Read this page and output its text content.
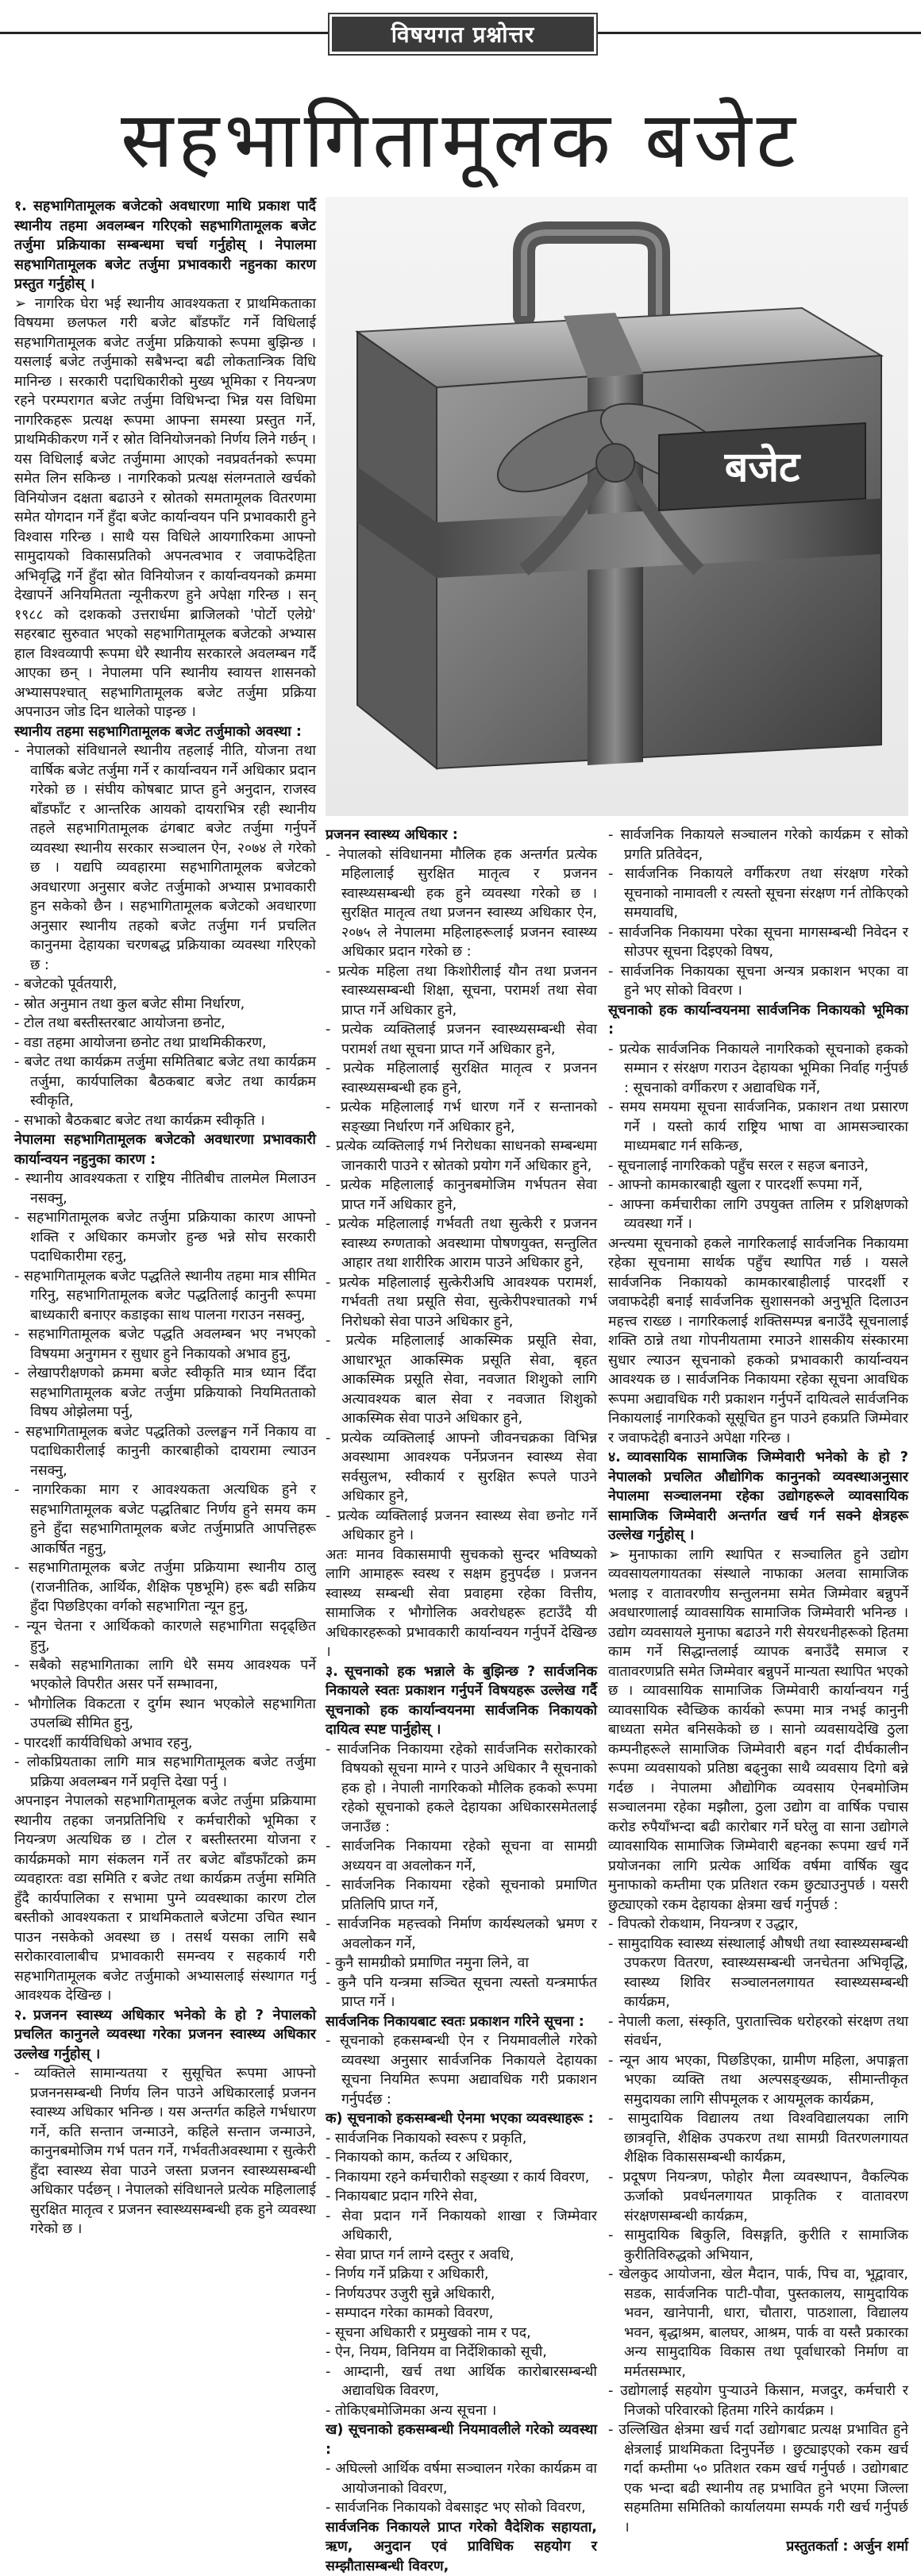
विषयगत प्रश्नोत्तर
सहभागितामूलक बजेट

१. सहभागितामूलक बजेटको अवधारणा माथि प्रकाश पार्दै स्थानीय तहमा अवलम्बन गरिएको सहभागितामूलक बजेट तर्जुमा प्रक्रियाका सम्बन्धमा चर्चा गर्नुहोस् । नेपालमा सहभागितामूलक बजेट तर्जुमा प्रभावकारी नहुनका कारण प्रस्तुत गर्नुहोस् ।

➢ नागरिक घेरा भई स्थानीय आवश्यकता र प्राथमिकताका विषयमा छलफल गरी बजेट बाँडफाँट गर्ने विधिलाई सहभागितामूलक बजेट तर्जुमा प्रक्रियाको रूपमा बुझिन्छ । यसलाई बजेट तर्जुमाको सबैभन्दा बढी लोकतान्त्रिक विधि मानिन्छ । सरकारी पदाधिकारीको मुख्य भूमिका र नियन्त्रण रहने परम्परागत बजेट तर्जुमा विधिभन्दा भिन्न यस विधिमा नागरिकहरू प्रत्यक्ष रूपमा आफ्ना समस्या प्रस्तुत गर्ने, प्राथमिकीकरण गर्ने र स्रोत विनियोजनको निर्णय लिने गर्छन् । यस विधिलाई बजेट तर्जुमामा आएको नवप्रवर्तनको रूपमा समेत लिन सकिन्छ । नागरिकको प्रत्यक्ष संलग्नताले खर्चको विनियोजन दक्षता बढाउने र स्रोतको समतामूलक वितरणमा समेत योगदान गर्ने हुँदा बजेट कार्यान्वयन पनि प्रभावकारी हुने विश्वास गरिन्छ । साथै यस विधिले आयगारिकमा आफ्नो सामुदायको विकासप्रतिको अपनत्वभाव र जवाफदेहिता अभिवृद्धि गर्ने हुँदा स्रोत विनियोजन र कार्यान्वयनको क्रममा देखापर्ने अनियमितता न्यूनीकरण हुने अपेक्षा गरिन्छ । सन् १९८८ को दशकको उत्तरार्धमा ब्राजिलको 'पोर्टो एलेग्रे' सहरबाट सुरुवात भएको सहभागितामूलक बजेटको अभ्यास हाल विश्वव्यापी रूपमा धेरै स्थानीय सरकारले अवलम्बन गर्दै आएका छन् । नेपालमा पनि स्थानीय स्वायत्त शासनको अभ्यासपश्चात् सहभागितामूलक बजेट तर्जुमा प्रक्रिया अपनाउन जोड दिन थालेको पाइन्छ ।

स्थानीय तहमा सहभागितामूलक बजेट तर्जुमाको अवस्था :

- नेपालको संविधानले स्थानीय तहलाई नीति, योजना तथा वार्षिक बजेट तर्जुमा गर्ने र कार्यान्वयन गर्ने अधिकार प्रदान गरेको छ । संघीय कोषबाट प्राप्त हुने अनुदान, राजस्व बाँडफाँट र आन्तरिक आयको दायराभित्र रही स्थानीय तहले सहभागितामूलक ढंगबाट बजेट तर्जुमा गर्नुपर्ने व्यवस्था स्थानीय सरकार सञ्चालन ऐन, २०७४ ले गरेको छ । यद्यपि व्यवहारमा सहभागितामूलक बजेटको अवधारणा अनुसार बजेट तर्जुमाको अभ्यास प्रभावकारी हुन सकेको छैन । सहभागितामूलक बजेटको अवधारणा अनुसार स्थानीय तहको बजेट तर्जुमा गर्न प्रचलित कानुनमा देहायका चरणबद्ध प्रक्रियाका व्यवस्था गरिएको छ :

- बजेटको पूर्वतयारी,

- स्रोत अनुमान तथा कुल बजेट सीमा निर्धारण,

- टोल तथा बस्तीस्तरबाट आयोजना छनोट,

- वडा तहमा आयोजना छनोट तथा प्राथमिकीकरण,

- बजेट तथा कार्यक्रम तर्जुमा समितिबाट बजेट तथा कार्यक्रम तर्जुमा, कार्यपालिका बैठकबाट बजेट तथा कार्यक्रम स्वीकृति,

- सभाको बैठकबाट बजेट तथा कार्यक्रम स्वीकृति ।

नेपालमा सहभागितामूलक बजेटको अवधारणा प्रभावकारी कार्यान्वयन नहुनुका कारण :

- स्थानीय आवश्यकता र राष्ट्रिय नीतिबीच तालमेल मिलाउन नसक्नु,

- सहभागितामूलक बजेट तर्जुमा प्रक्रियाका कारण आफ्नो शक्ति र अधिकार कमजोर हुन्छ भन्ने सोच सरकारी पदाधिकारीमा रहनु,

- सहभागितामूलक बजेट पद्धतिले स्थानीय तहमा मात्र सीमित गरिनु, सहभागितामूलक बजेट पद्धतिलाई कानुनी रूपमा बाध्यकारी बनाएर कडाइका साथ पालना गराउन नसक्नु,

- सहभागितामूलक बजेट पद्धति अवलम्बन भए नभएको विषयमा अनुगमन र सुधार हुने निकायको अभाव हुनु,

- लेखापरीक्षणको क्रममा बजेट स्वीकृति मात्र ध्यान दिँदा सहभागितामूलक बजेट तर्जुमा प्रक्रियाको नियमितताको विषय ओझेलमा पर्नु,

- सहभागितामूलक बजेट पद्धतिको उल्लङ्घन गर्ने निकाय वा पदाधिकारीलाई कानुनी कारबाहीको दायरामा ल्याउन नसक्नु,

- नागरिकका माग र आवश्यकता अत्यधिक हुने र सहभागितामूलक बजेट पद्धतिबाट निर्णय हुने समय कम हुने हुँदा सहभागितामूलक बजेट तर्जुमाप्रति आपत्तिहरू आकर्षित नहुनु,

- सहभागितामूलक बजेट तर्जुमा प्रक्रियामा स्थानीय ठालु (राजनीतिक, आर्थिक, शैक्षिक पृष्ठभूमि) हरू बढी सक्रिय हुँदा पिछडिएका वर्गको सहभागिता न्यून हुनु,

- न्यून चेतना र आर्थिकको कारणले सहभागिता सदृढ्छित हुनु,

- सबैको सहभागिताका लागि धेरै समय आवश्यक पर्ने भएकोले विपरीत असर पर्ने सम्भावना,

- भौगोलिक विकटता र दुर्गम स्थान भएकोले सहभागिता उपलब्धि सीमित हुनु,

- पारदर्शी कार्यविधिको अभाव रहनु,

- लोकप्रियताका लागि मात्र सहभागितामूलक बजेट तर्जुमा प्रक्रिया अवलम्बन गर्ने प्रवृत्ति देखा पर्नु ।

अपनाइन नेपालको सहभागितामूलक बजेट तर्जुमा प्रक्रियामा स्थानीय तहका जनप्रतिनिधि र कर्मचारीको भूमिका र नियन्त्रण अत्यधिक छ । टोल र बस्तीस्तरमा योजना र कार्यक्रमको माग संकलन गर्ने तर बजेट बाँडफाँटको क्रम व्यवहारतः वडा समिति र बजेट तथा कार्यक्रम तर्जुमा समिति हुँदै कार्यपालिका र सभामा पुग्ने व्यवस्थाका कारण टोल बस्तीको आवश्यकता र प्राथमिकताले बजेटमा उचित स्थान पाउन नसकेको अवस्था छ । तसर्थ यसका लागि सबै सरोकारवालाबीच प्रभावकारी समन्वय र सहकार्य गरी सहभागितामूलक बजेट तर्जुमाको अभ्यासलाई संस्थागत गर्नु आवश्यक देखिन्छ ।

२. प्रजनन स्वास्थ्य अधिकार भनेको के हो ? नेपालको प्रचलित कानुनले व्यवस्था गरेका प्रजनन स्वास्थ्य अधिकार उल्लेख गर्नुहोस् ।

- व्यक्तिले सामान्यतया र सुसूचित रूपमा आफ्नो प्रजननसम्बन्धी निर्णय लिन पाउने अधिकारलाई प्रजनन स्वास्थ्य अधिकार भनिन्छ । यस अन्तर्गत कहिले गर्भधारण गर्ने, कति सन्तान जन्माउने, कहिले सन्तान जन्माउने, कानुनबमोजिम गर्भ पतन गर्ने, गर्भवतीअवस्थामा र सुत्केरी हुँदा स्वास्थ्य सेवा पाउने जस्ता प्रजनन स्वास्थ्यसम्बन्धी अधिकार पर्दछन् । नेपालको संविधानले प्रत्येक महिलालाई सुरक्षित मातृत्व र प्रजनन स्वास्थ्यसम्बन्धी हक हुने व्यवस्था गरेको छ ।

बजेट

प्रजनन स्वास्थ्य अधिकार :

- नेपालको संविधानमा मौलिक हक अन्तर्गत प्रत्येक महिलालाई सुरक्षित मातृत्व र प्रजनन स्वास्थ्यसम्बन्धी हक हुने व्यवस्था गरेको छ । सुरक्षित मातृत्व तथा प्रजनन स्वास्थ्य अधिकार ऐन, २०७५ ले नेपालमा महिलाहरूलाई प्रजनन स्वास्थ्य अधिकार प्रदान गरेको छ :

- प्रत्येक महिला तथा किशोरीलाई यौन तथा प्रजनन स्वास्थ्यसम्बन्धी शिक्षा, सूचना, परामर्श तथा सेवा प्राप्त गर्ने अधिकार हुने,

- प्रत्येक व्यक्तिलाई प्रजनन स्वास्थ्यसम्बन्धी सेवा परामर्श तथा सूचना प्राप्त गर्ने अधिकार हुने,

- प्रत्येक महिलालाई सुरक्षित मातृत्व र प्रजनन स्वास्थ्यसम्बन्धी हक हुने,

- प्रत्येक महिलालाई गर्भ धारण गर्ने र सन्तानको सङ्ख्या निर्धारण गर्ने अधिकार हुने,

- प्रत्येक व्यक्तिलाई गर्भ निरोधका साधनको सम्बन्धमा जानकारी पाउने र स्रोतको प्रयोग गर्ने अधिकार हुने,

- प्रत्येक महिलालाई कानुनबमोजिम गर्भपतन सेवा प्राप्त गर्ने अधिकार हुने,

- प्रत्येक महिलालाई गर्भवती तथा सुत्केरी र प्रजनन स्वास्थ्य रुग्णताको अवस्थामा पोषणयुक्त, सन्तुलित आहार तथा शारीरिक आराम पाउने अधिकार हुने,

- प्रत्येक महिलालाई सुत्केरीअघि आवश्यक परामर्श, गर्भवती तथा प्रसूति सेवा, सुत्केरीपश्चातको गर्भ निरोधको सेवा पाउने अधिकार हुने,

- प्रत्येक महिलालाई आकस्मिक प्रसूति सेवा, आधारभूत आकस्मिक प्रसूति सेवा, बृहत आकस्मिक प्रसूति सेवा, नवजात शिशुको लागि अत्यावश्यक बाल सेवा र नवजात शिशुको आकस्मिक सेवा पाउने अधिकार हुने,

- प्रत्येक व्यक्तिलाई आफ्नो जीवनचक्रका विभिन्न अवस्थामा आवश्यक पर्नेप्रजनन स्वास्थ्य सेवा सर्वसुलभ, स्वीकार्य र सुरक्षित रूपले पाउने अधिकार हुने,

- प्रत्येक व्यक्तिलाई प्रजनन स्वास्थ्य सेवा छनोट गर्ने अधिकार हुने ।

अतः मानव विकासमापी सुचकको सुन्दर भविष्यको लागि आमाहरू स्वस्थ र सक्षम हुनुपर्दछ । प्रजनन स्वास्थ्य सम्बन्धी सेवा प्रवाहमा रहेका वित्तीय, सामाजिक र भौगोलिक अवरोधहरू हटाउँदै यी अधिकारहरूको प्रभावकारी कार्यान्वयन गर्नुपर्ने देखिन्छ ।

३. सूचनाको हक भन्नाले के बुझिन्छ ? सार्वजनिक निकायले स्वतः प्रकाशन गर्नुपर्ने विषयहरू उल्लेख गर्दै सूचनाको हक कार्यान्वयनमा सार्वजनिक निकायको दायित्व स्पष्ट पार्नुहोस् ।

- सार्वजनिक निकायमा रहेको सार्वजनिक सरोकारको विषयको सूचना माग्ने र पाउने अधिकार नै सूचनाको हक हो । नेपाली नागरिकको मौलिक हकको रूपमा रहेको सूचनाको हकले देहायका अधिकारसमेतलाई जनाउँछ :

- सार्वजनिक निकायमा रहेको सूचना वा सामग्री अध्ययन वा अवलोकन गर्ने,

- सार्वजनिक निकायमा रहेको सूचनाको प्रमाणित प्रतिलिपि प्राप्त गर्ने,

- सार्वजनिक महत्त्वको निर्माण कार्यस्थलको भ्रमण र अवलोकन गर्ने,

- कुनै सामग्रीको प्रमाणित नमुना लिने, वा

- कुनै पनि यन्त्रमा सञ्चित सूचना त्यस्तो यन्त्रमार्फत प्राप्त गर्ने ।

सार्वजनिक निकायबाट स्वतः प्रकाशन गरिने सूचना :

- सूचनाको हकसम्बन्धी ऐन र नियमावलीले गरेको व्यवस्था अनुसार सार्वजनिक निकायले देहायका सूचना नियमित रूपमा अद्यावधिक गरी प्रकाशन गर्नुपर्दछ :

क) सूचनाको हकसम्बन्धी ऐनमा भएका व्यवस्थाहरू :

- सार्वजनिक निकायको स्वरूप र प्रकृति,

- निकायको काम, कर्तव्य र अधिकार,

- निकायमा रहने कर्मचारीको सङ्ख्या र कार्य विवरण,

- निकायबाट प्रदान गरिने सेवा,

- सेवा प्रदान गर्ने निकायको शाखा र जिम्मेवार अधिकारी,

- सेवा प्राप्त गर्न लाग्ने दस्तुर र अवधि,

- निर्णय गर्ने प्रक्रिया र अधिकारी,

- निर्णयउपर उजुरी सुन्ने अधिकारी,

- सम्पादन गरेका कामको विवरण,

- सूचना अधिकारी र प्रमुखको नाम र पद,

- ऐन, नियम, विनियम वा निर्देशिकाको सूची,

- आम्दानी, खर्च तथा आर्थिक कारोबारसम्बन्धी अद्यावधिक विवरण,

- तोकिएबमोजिमका अन्य सूचना ।

ख) सूचनाको हकसम्बन्धी नियमावलीले गरेको व्यवस्था :

- अघिल्लो आर्थिक वर्षमा सञ्चालन गरेका कार्यक्रम वा आयोजनाको विवरण,

- सार्वजनिक निकायको वेबसाइट भए सोको विवरण,

सार्वजनिक निकायले प्राप्त गरेको वैदेशिक सहायता, ऋण, अनुदान एवं प्राविधिक सहयोग र सम्झौतासम्बन्धी विवरण,

- सार्वजनिक निकायले सञ्चालन गरेको कार्यक्रम र सोको प्रगति प्रतिवेदन,

- सार्वजनिक निकायले वर्गीकरण तथा संरक्षण गरेको सूचनाको नामावली र त्यस्तो सूचना संरक्षण गर्न तोकिएको समयावधि,

- सार्वजनिक निकायमा परेका सूचना मागसम्बन्धी निवेदन र सोउपर सूचना दिइएको विषय,

- सार्वजनिक निकायका सूचना अन्यत्र प्रकाशन भएका वा हुने भए सोको विवरण ।

सूचनाको हक कार्यान्वयनमा सार्वजनिक निकायको भूमिका :

- प्रत्येक सार्वजनिक निकायले नागरिकको सूचनाको हकको सम्मान र संरक्षण गराउन देहायका भूमिका निर्वाह गर्नुपर्छ : सूचनाको वर्गीकरण र अद्यावधिक गर्ने,

- समय समयमा सूचना सार्वजनिक, प्रकाशन तथा प्रसारण गर्ने । यस्तो कार्य राष्ट्रिय भाषा वा आमसञ्चारका माध्यमबाट गर्न सकिन्छ,

- सूचनालाई नागरिकको पहुँच सरल र सहज बनाउने,

- आफ्नो कामकारबाही खुला र पारदर्शी रूपमा गर्ने,

- आफ्ना कर्मचारीका लागि उपयुक्त तालिम र प्रशिक्षणको व्यवस्था गर्ने ।

अन्त्यमा सूचनाको हकले नागरिकलाई सार्वजनिक निकायमा रहेका सूचनामा सार्थक पहुँच स्थापित गर्छ । यसले सार्वजनिक निकायको कामकारबाहीलाई पारदर्शी र जवाफदेही बनाई सार्वजनिक सुशासनको अनुभूति दिलाउन महत्त्व राख्छ । नागरिकलाई शक्तिसम्पन्न बनाउँदै सूचनालाई शक्ति ठान्ने तथा गोपनीयतामा रमाउने शासकीय संस्कारमा सुधार ल्याउन सूचनाको हकको प्रभावकारी कार्यान्वयन आवश्यक छ । सार्वजनिक निकायमा रहेका सूचना आवधिक रूपमा अद्यावधिक गरी प्रकाशन गर्नुपर्ने दायित्वले सार्वजनिक निकायलाई नागरिकको सूसूचित हुन पाउने हकप्रति जिम्मेवार र जवाफदेही बनाउने अपेक्षा गरिन्छ ।

४. व्यावसायिक सामाजिक जिम्मेवारी भनेको के हो ? नेपालको प्रचलित औद्योगिक कानुनको व्यवस्थाअनुसार नेपालमा सञ्चालनमा रहेका उद्योगहरूले व्यावसायिक सामाजिक जिम्मेवारी अन्तर्गत खर्च गर्न सक्ने क्षेत्रहरू उल्लेख गर्नुहोस् ।

➢ मुनाफाका लागि स्थापित र सञ्चालित हुने उद्योग व्यवसायलगायतका संस्थाले नाफाका अलवा सामाजिक भलाइ र वातावरणीय सन्तुलनमा समेत जिम्मेवार बन्नुपर्ने अवधारणालाई व्यावसायिक सामाजिक जिम्मेवारी भनिन्छ । उद्योग व्यवसायले मुनाफा बढाउने गरी सेयरधनीहरूको हितमा काम गर्ने सिद्धान्तलाई व्यापक बनाउँदै समाज र वातावरणप्रति समेत जिम्मेवार बन्नुपर्ने मान्यता स्थापित भएको छ । व्यावसायिक सामाजिक जिम्मेवारी कार्यान्वयन गर्नु व्यावसायिक स्वैच्छिक कार्यको रूपमा मात्र नभई कानुनी बाध्यता समेत बनिसकेको छ । सानो व्यवसायदेखि ठुला कम्पनीहरूले सामाजिक जिम्मेवारी बहन गर्दा दीर्घकालीन रूपमा व्यवसायको प्रतिष्ठा बढ्नुका साथै व्यवसाय दिगो बन्ने गर्दछ । नेपालमा औद्योगिक व्यवसाय ऐनबमोजिम सञ्चालनमा रहेका मझौला, ठुला उद्योग वा वार्षिक पचास करोड रुपैयाँभन्दा बढी कारोबार गर्ने घरेलु वा साना उद्योगले व्यावसायिक सामाजिक जिम्मेवारी बहनका रूपमा खर्च गर्ने प्रयोजनका लागि प्रत्येक आर्थिक वर्षमा वार्षिक खुद मुनाफाको कम्तीमा एक प्रतिशत रकम छुट्याउनुपर्छ । यसरी छुट्याएको रकम देहायका क्षेत्रमा खर्च गर्नुपर्छ :

- विपत्को रोकथाम, नियन्त्रण र उद्धार,

- सामुदायिक स्वास्थ्य संस्थालाई औषधी तथा स्वास्थ्यसम्बन्धी उपकरण वितरण, स्वास्थ्यसम्बन्धी जनचेतना अभिवृद्धि, स्वास्थ्य शिविर सञ्चालनलगायत स्वास्थ्यसम्बन्धी कार्यक्रम,

- नेपाली कला, संस्कृति, पुरातात्त्विक धरोहरको संरक्षण तथा संवर्धन,

- न्यून आय भएका, पिछडिएका, ग्रामीण महिला, अपाङ्गता भएका व्यक्ति तथा अल्पसङ्ख्यक, सीमान्तीकृत समुदायका लागि सीपमूलक र आयमूलक कार्यक्रम,

- सामुदायिक विद्यालय तथा विश्वविद्यालयका लागि छात्रवृत्ति, शैक्षिक उपकरण तथा सामग्री वितरणलगायत शैक्षिक विकाससम्बन्धी कार्यक्रम,

- प्रदूषण नियन्त्रण, फोहोर मैला व्यवस्थापन, वैकल्पिक ऊर्जाको प्रवर्धनलगायत प्राकृतिक र वातावरण संरक्षणसम्बन्धी कार्यक्रम,

- सामुदायिक बिकुलि, विसङ्गति, कुरीति र सामाजिक कुरीतिविरुद्धको अभियान,

- खेलकुद आयोजना, खेल मैदान, पार्क, पिच वा, भूद्वावार, सडक, सार्वजनिक पाटी-पौवा, पुस्तकालय, सामुदायिक भवन, खानेपानी, धारा, चौतारा, पाठशाला, विद्यालय भवन, बृद्धाश्रम, बालघर, आश्रम, पार्क वा यस्तै प्रकारका अन्य सामुदायिक विकास तथा पूर्वाधारको निर्माण वा मर्मतसम्भार,

- उद्योगलाई सहयोग पुर्‍याउने किसान, मजदुर, कर्मचारी र निजको परिवारको हितमा गरिने कार्यक्रम ।

- उल्लिखित क्षेत्रमा खर्च गर्दा उद्योगबाट प्रत्यक्ष प्रभावित हुने क्षेत्रलाई प्राथमिकता दिनुपर्नेछ । छुट्याइएको रकम खर्च गर्दा कम्तीमा ५० प्रतिशत रकम खर्च गर्नुपर्छ । उद्योगबाट एक भन्दा बढी स्थानीय तह प्रभावित हुने भएमा जिल्ला सहमतिमा समितिको कार्यालयमा सम्पर्क गरी खर्च गर्नुपर्छ ।

प्रस्तुतकर्ता : अर्जुन शर्मा
